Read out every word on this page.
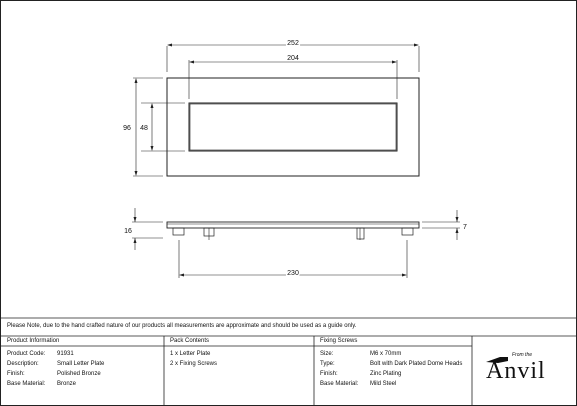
252
204
96 48
16
7
230
Please Note, due to the hand crafted nature of our products all measurements are approximate and should be used as a guide only.
Product Information	Pack Contents	Fixing Screws
Product Code: 91931
Description:	Small Letter Plate
Finish:	Polished Bronze
Base Material: Bronze
1 x Letter Plate
2 x Fixing Screws
Size:	M6 x 70mm
Type:	Bolt with Dark Plated Dome Heads
Finish:	Zinc Plating
Base Material: Mild Steel
From the
Anvil
